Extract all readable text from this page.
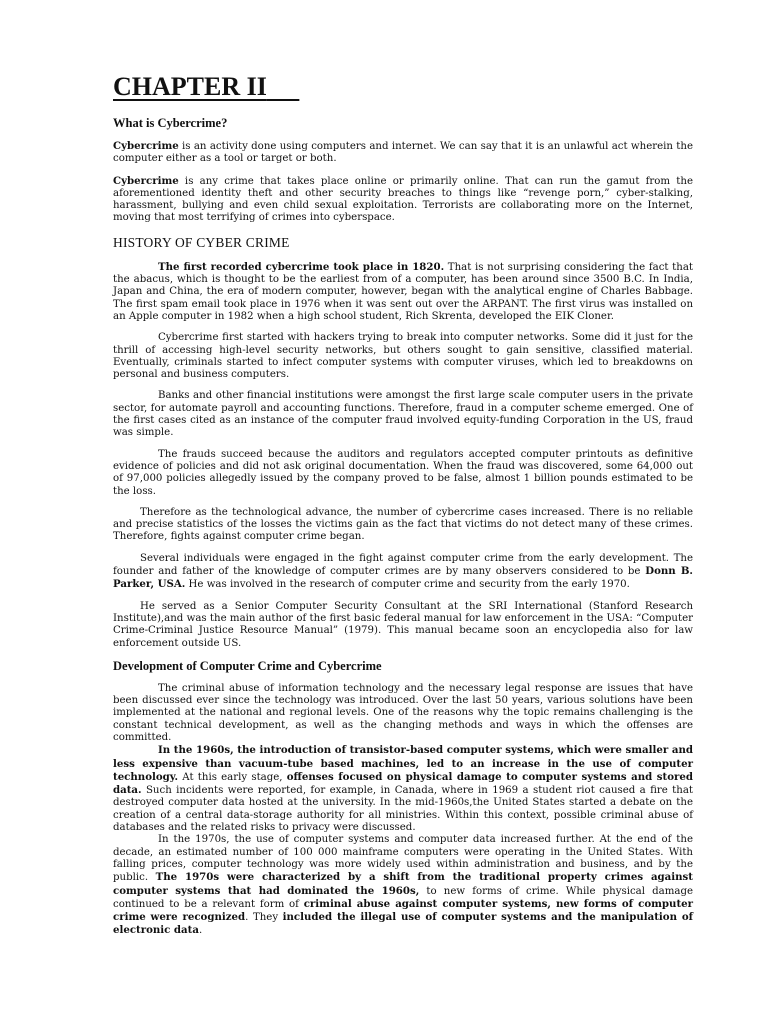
CHAPTER II
What is Cybercrime?

Cybercrime is an activity done using computers and internet. We can say that it is an unlawful act wherein the computer either as a tool or target or both.

Cybercrime is any crime that takes place online or primarily online. That can run the gamut from the aforementioned identity theft and other security breaches to things like “revenge porn,” cyber-stalking, harassment, bullying and even child sexual exploitation. Terrorists are collaborating more on the Internet, moving that most terrifying of crimes into cyberspace.

HISTORY OF CYBER CRIME

The first recorded cybercrime took place in 1820. That is not surprising considering the fact that the abacus, which is thought to be the earliest from of a computer, has been around since 3500 B.C. In India, Japan and China, the era of modern computer, however, began with the analytical engine of Charles Babbage. The first spam email took place in 1976 when it was sent out over the ARPANT. The first virus was installed on an Apple computer in 1982 when a high school student, Rich Skrenta, developed the EIK Cloner.

Cybercrime first started with hackers trying to break into computer networks. Some did it just for the thrill of accessing high-level security networks, but others sought to gain sensitive, classified material. Eventually, criminals started to infect computer systems with computer viruses, which led to breakdowns on personal and business computers.

Banks and other financial institutions were amongst the first large scale computer users in the private sector, for automate payroll and accounting functions. Therefore, fraud in a computer scheme emerged. One of the first cases cited as an instance of the computer fraud involved equity-funding Corporation in the US, fraud was simple.

The frauds succeed because the auditors and regulators accepted computer printouts as definitive evidence of policies and did not ask original documentation. When the fraud was discovered, some 64,000 out of 97,000 policies allegedly issued by the company proved to be false, almost 1 billion pounds estimated to be the loss.

Therefore as the technological advance, the number of cybercrime cases increased. There is no reliable and precise statistics of the losses the victims gain as the fact that victims do not detect many of these crimes. Therefore, fights against computer crime began.

Several individuals were engaged in the fight against computer crime from the early development. The founder and father of the knowledge of computer crimes are by many observers considered to be Donn B. Parker, USA. He was involved in the research of computer crime and security from the early 1970.

He served as a Senior Computer Security Consultant at the SRI International (Stanford Research Institute),and was the main author of the first basic federal manual for law enforcement in the USA: “Computer Crime-Criminal Justice Resource Manual” (1979). This manual became soon an encyclopedia also for law enforcement outside US.

Development of Computer Crime and Cybercrime

The criminal abuse of information technology and the necessary legal response are issues that have been discussed ever since the technology was introduced. Over the last 50 years, various solutions have been implemented at the national and regional levels. One of the reasons why the topic remains challenging is the constant technical development, as well as the changing methods and ways in which the offenses are committed.

In the 1960s, the introduction of transistor-based computer systems, which were smaller and less expensive than vacuum-tube based machines, led to an increase in the use of computer technology. At this early stage, offenses focused on physical damage to computer systems and stored data. Such incidents were reported, for example, in Canada, where in 1969 a student riot caused a fire that destroyed computer data hosted at the university. In the mid-1960s,the United States started a debate on the creation of a central data-storage authority for all ministries. Within this context, possible criminal abuse of databases and the related risks to privacy were discussed.

In the 1970s, the use of computer systems and computer data increased further. At the end of the decade, an estimated number of 100 000 mainframe computers were operating in the United States. With falling prices, computer technology was more widely used within administration and business, and by the public. The 1970s were characterized by a shift from the traditional property crimes against computer systems that had dominated the 1960s, to new forms of crime. While physical damage continued to be a relevant form of criminal abuse against computer systems, new forms of computer crime were recognized. They included the illegal use of computer systems and the manipulation of electronic data.
